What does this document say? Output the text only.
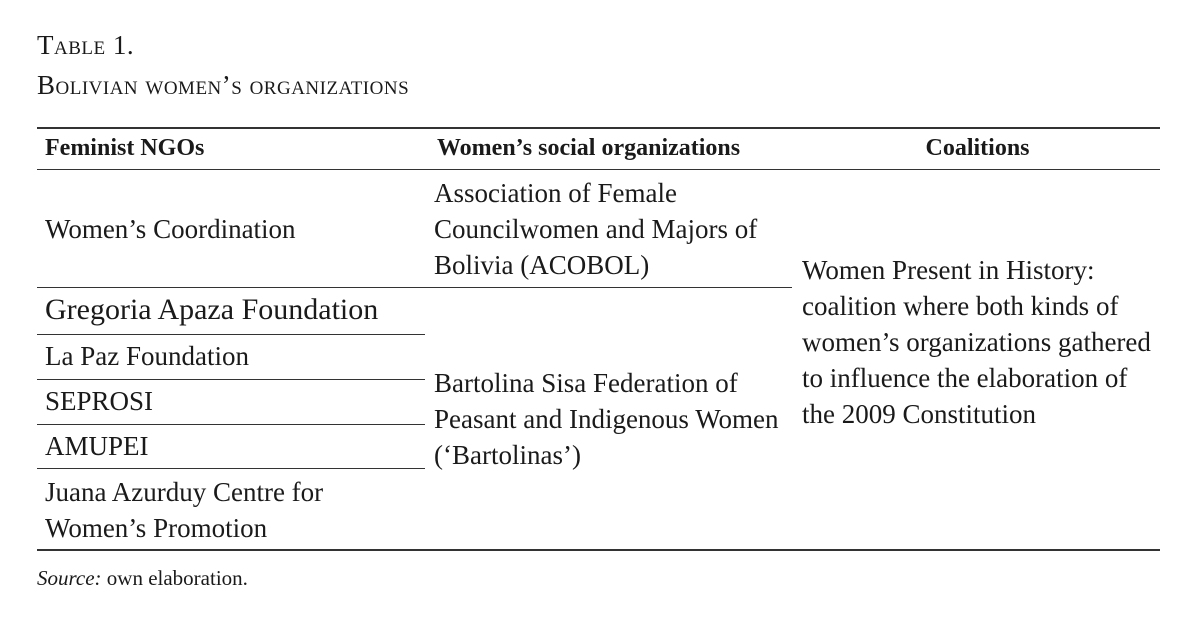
Table 1.
Bolivian women’s organizations
Feminist NGOs	Women’s social organizations	Coalitions
Women’s Coordination
Gregoria Apaza Foundation
La Paz Foundation
SEPROSI
AMUPEI
Juana Azurduy Centre for Women’s Promotion
Association of Female Councilwomen and Majors of Bolivia (ACOBOL)
Bartolina Sisa Federation of Peasant and Indigenous Women (‘Bartolinas’)
Women Present in History: coalition where both kinds of women’s organizations gathered to influence the elaboration of the 2009 Constitution
Source: own elaboration.
